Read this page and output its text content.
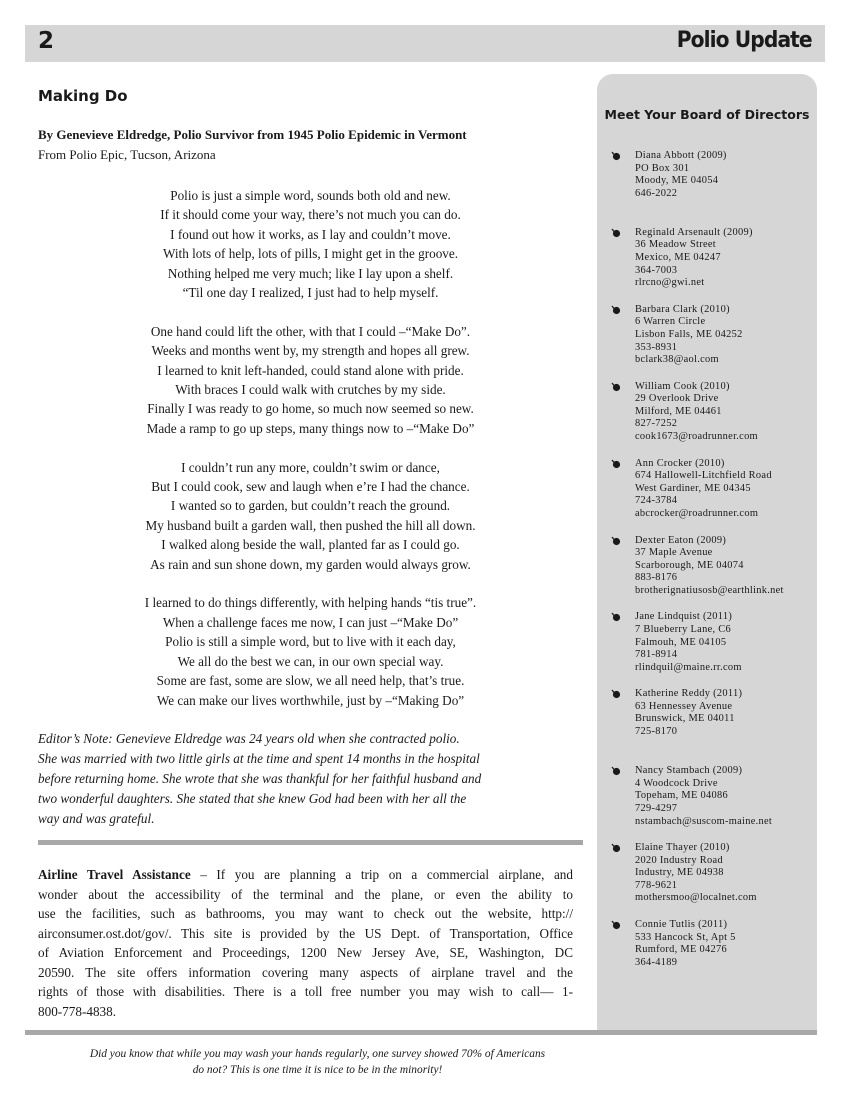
2	Polio Update
Meet Your Board of Directors
Diana Abbott (2009)
PO Box 301
Moody, ME 04054
646-2022
Reginald Arsenault (2009)
36 Meadow Street
Mexico, ME 04247
364-7003
rlrcno@gwi.net
Barbara Clark (2010)
6 Warren Circle
Lisbon Falls, ME 04252
353-8931
bclark38@aol.com
William Cook (2010)
29 Overlook Drive
Milford, ME 04461
827-7252
cook1673@roadrunner.com
Ann Crocker (2010)
674 Hallowell-Litchfield Road
West Gardiner, ME 04345
724-3784
abcrocker@roadrunner.com
Dexter Eaton (2009)
37 Maple Avenue
Scarborough, ME 04074
883-8176
brotherignatiusosb@earthlink.net
Jane Lindquist (2011)
7 Blueberry Lane, C6
Falmouh, ME 04105
781-8914
rlindquil@maine.rr.com
Katherine Reddy (2011)
63 Hennessey Avenue
Brunswick, ME 04011
725-8170
Nancy Stambach (2009)
4 Woodcock Drive
Topeham, ME 04086
729-4297
nstambach@suscom-maine.net
Elaine Thayer (2010)
2020 Industry Road
Industry, ME 04938
778-9621
mothersmoo@localnet.com
Connie Tutlis (2011)
533 Hancock St, Apt 5
Rumford, ME 04276
364-4189
Making Do
By Genevieve Eldredge, Polio Survivor from 1945 Polio Epidemic in Vermont
From Polio Epic, Tucson, Arizona
Polio is just a simple word, sounds both old and new.
If it should come your way, there’s not much you can do.
I found out how it works, as I lay and couldn’t move.
With lots of help, lots of pills, I might get in the groove.
Nothing helped me very much; like I lay upon a shelf.
“Til one day I realized, I just had to help myself.
One hand could lift the other, with that I could –“Make Do”.
Weeks and months went by, my strength and hopes all grew.
I learned to knit left-handed, could stand alone with pride.
With braces I could walk with crutches by my side.
Finally I was ready to go home, so much now seemed so new.
Made a ramp to go up steps, many things now to –“Make Do”
I couldn’t run any more, couldn’t swim or dance,
But I could cook, sew and laugh when e’re I had the chance.
I wanted so to garden, but couldn’t reach the ground.
My husband built a garden wall, then pushed the hill all down.
I walked along beside the wall, planted far as I could go.
As rain and sun shone down, my garden would always grow.
I learned to do things differently, with helping hands “tis true”.
When a challenge faces me now, I can just –“Make Do”
Polio is still a simple word, but to live with it each day,
We all do the best we can, in our own special way.
Some are fast, some are slow, we all need help, that’s true.
We can make our lives worthwhile, just by –“Making Do”
Editor’s Note: Genevieve Eldredge was 24 years old when she contracted polio.
She was married with two little girls at the time and spent 14 months in the hospital
before returning home. She wrote that she was thankful for her faithful husband and
two wonderful daughters. She stated that she knew God had been with her all the
way and was grateful.
Airline Travel Assistance – If you are planning a trip on a commercial airplane, and
wonder about the accessibility of the terminal and the plane, or even the ability to
use the facilities, such as bathrooms, you may want to check out the website, http://
airconsumer.ost.dot/gov/. This site is provided by the US Dept. of Transportation, Office
of Aviation Enforcement and Proceedings, 1200 New Jersey Ave, SE, Washington, DC
20590. The site offers information covering many aspects of airplane travel and the
rights of those with disabilities. There is a toll free number you may wish to call— 1-
800-778-4838.
Did you know that while you may wash your hands regularly, one survey showed 70% of Americans
do not? This is one time it is nice to be in the minority!
